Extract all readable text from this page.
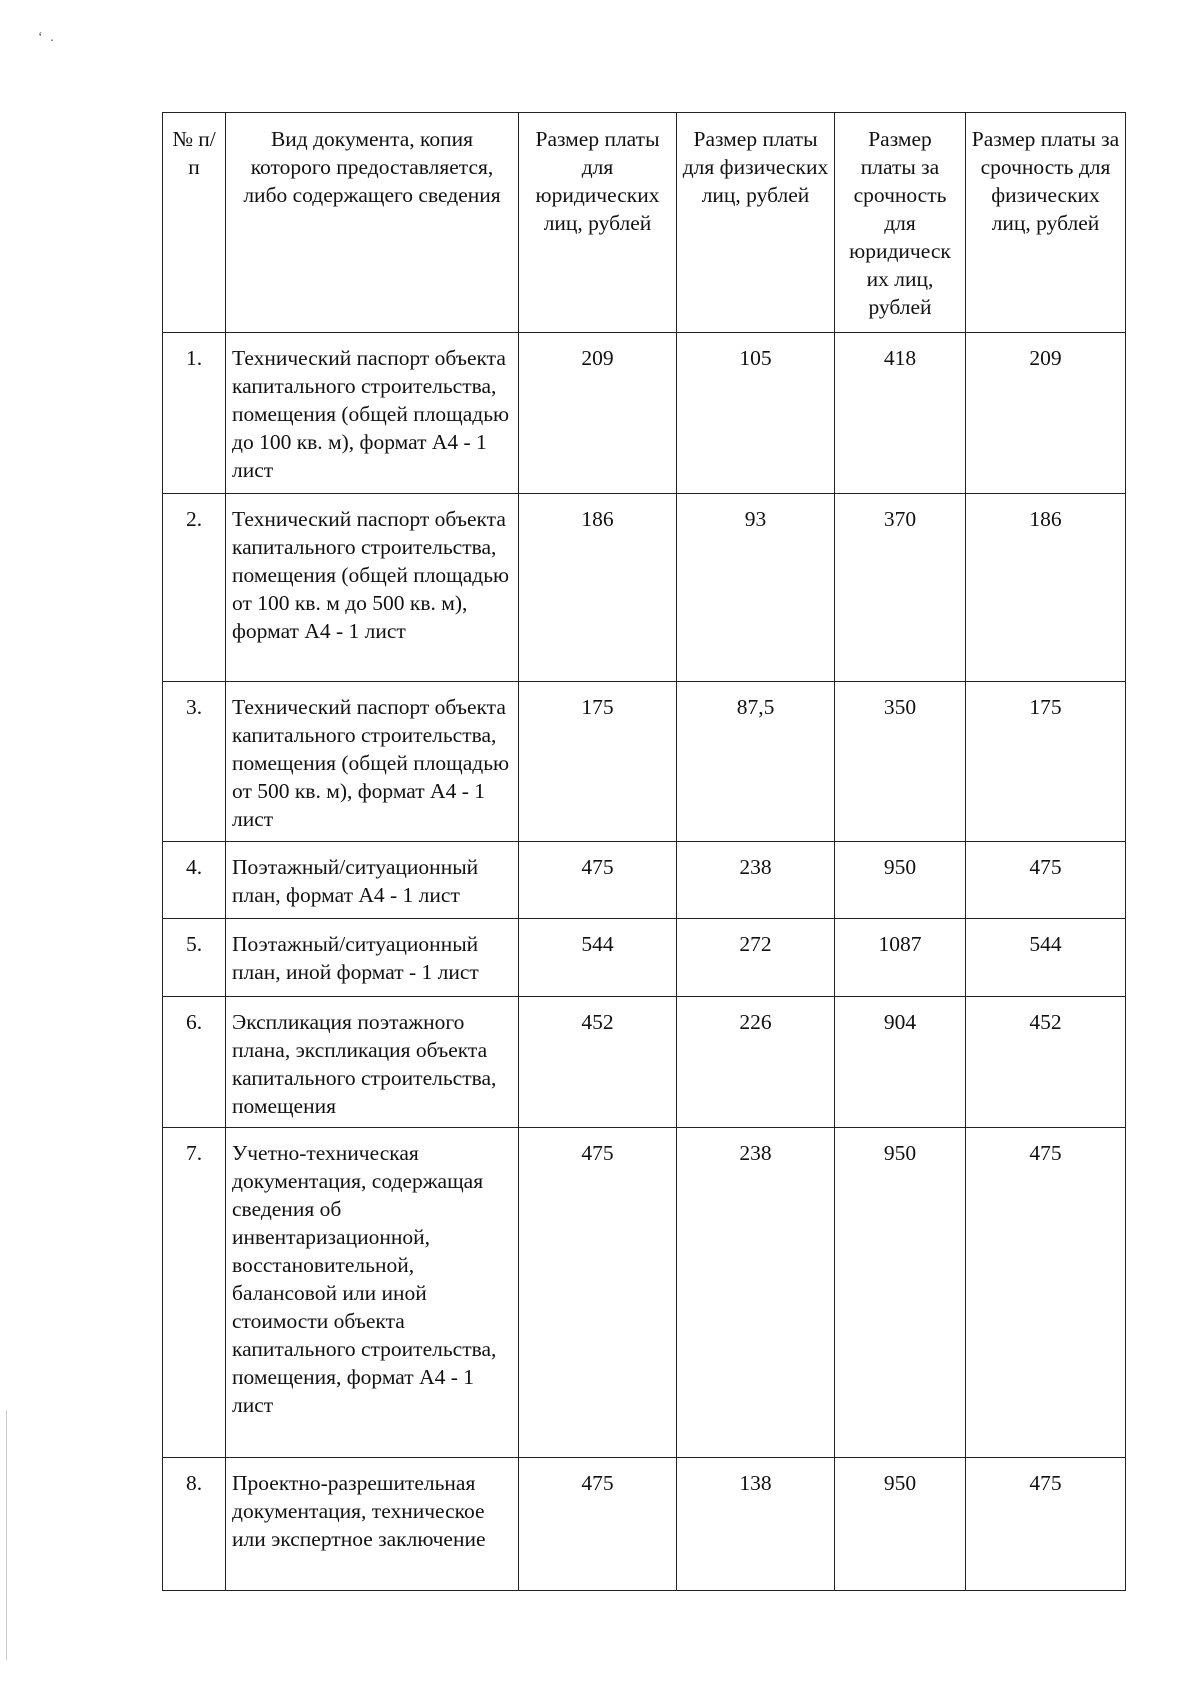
‘ .
№ п/п	Вид документа, копия которого предоставляется, либо содержащего сведения	Размер платы для юридических лиц, рублей	Размер платы для физических лиц, рублей	Размер платы за срочность для юридическ их лиц, рублей	Размер платы за срочность для физических лиц, рублей
1.	Технический паспорт объекта капитального строительства, помещения (общей площадью до 100 кв. м), формат А4 - 1 лист	209	105	418	209
2.	Технический паспорт объекта капитального строительства, помещения (общей площадью от 100 кв. м до 500 кв. м), формат А4 - 1 лист	186	93	370	186
3.	Технический паспорт объекта капитального строительства, помещения (общей площадью от 500 кв. м), формат А4 - 1 лист	175	87,5	350	175
4.	Поэтажный/ситуационный план, формат А4 - 1 лист	475	238	950	475
5.	Поэтажный/ситуационный план, иной формат - 1 лист	544	272	1087	544
6.	Экспликация поэтажного плана, экспликация объекта капитального строительства, помещения	452	226	904	452
7.	Учетно-техническая документация, содержащая сведения об инвентаризационной, восстановительной, балансовой или иной стоимости объекта капитального строительства, помещения, формат А4 - 1 лист	475	238	950	475
8.	Проектно-разрешительная документация, техническое или экспертное заключение	475	138	950	475
